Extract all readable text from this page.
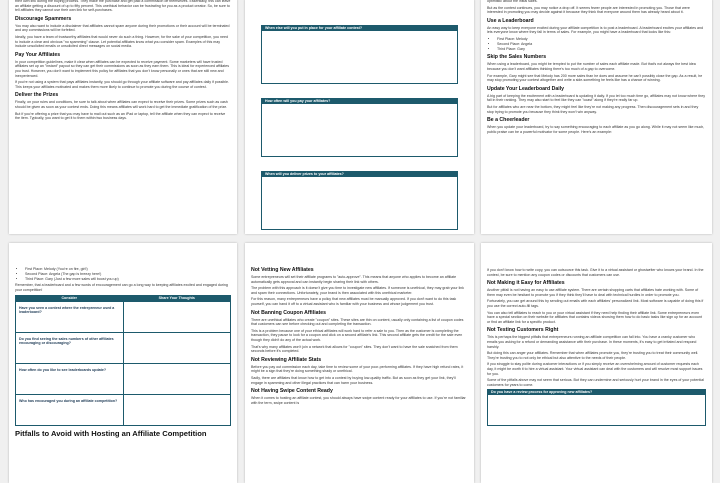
their own link during the buying process. They make the purchase and get paid a commission off themselves. Essentially, this can leave an affiliate getting a discount of up to fifty percent. This unethical behavior can be frustrating for you as a product creator. So, be sure to tell affiliates they cannot use their own link for self-purchases.

Discourage Spammers

You may also want to include a disclaimer that affiliates cannot spam anyone during their promotions or their account will be terminated and any commissions will be forfeited.

Ideally, you have a team of trustworthy affiliates that would never do such a thing. However, for the sake of your competition, you need to include a clear and obvious "no spamming" clause. Let potential affiliates know what you consider spam. Examples of this may include unsolicited emails or unsolicited direct messages on social media.

Pay Your Affiliates

In your competition guidelines, make it clear when affiliates can be expected to receive payment. Some marketers will have trusted affiliates set up an "instant" payout so they can get their commissions as soon as they earn them. This is ideal for experienced affiliates you trust. However, you don't want to implement this policy for affiliates that you don't know personally or ones that are still new and inexperienced.

If you're not using a system that pays affiliates instantly, you should go through your affiliate software and pay affiliates daily if possible. This keeps your affiliates motivated and makes them more likely to continue to promote you during the course of contest.

Deliver the Prizes

Finally, on your rules and conditions, be sure to talk about when affiliates can expect to receive their prizes. Some prizes such as cash should be given as soon as your contest ends. Doing this means affiliates will work hard to get the immediate gratification of the prize.

But if you're offering a prize that you may have to mail out such as an iPad or laptop, tell the affiliate when they can expect to receive the item. Typically, you want to get it to them within two business days.

When else will you put in place for your affiliate contest?
How often will you pay your affiliates?
When will you deliver prizes to your affiliates?

optimistic about the initial sales.

But as the contest continues, you may notice a drop off. It seems fewer people are interested in promoting you. Those that were interested in promoting you may decide against it because they think that everyone around them has already heard about it.

Use a Leaderboard

An easy way to keep everyone excited during your affiliate competition is to post a leaderboard. A leaderboard excites your affiliates and lets everyone know where they fall in terms of sales. For example, you might have a leaderboard that looks like this:

• First Place: Melody
• Second Place: Angela
• Third Place: Gary

Skip the Sales Numbers

When using a leaderboard, you might be tempted to put the number of sales each affiliate made. But that's not always the best idea because you don't want affiliates thinking there's too much of a gap to overcome.

For example, Gary might see that Melody has 200 more sales than he does and assume he can't possibly close the gap. As a result, he may stop promoting your contest altogether and write a side-something he feels like has a chance of winning.

Update Your Leaderboard Daily

A big part of keeping the excitement with a leaderboard is updating it daily. If you let too much time go, affiliates may not know where they fall in their ranking. They may also start to feel like they can "coast" along if they're really far up.

But for affiliates who are near the bottom, they might feel like they're not making any progress. Then discouragement sets in and they stop trying to promote you because they think they won't win anyway.

Be a Cheerleader

When you update your leaderboard, try to say something encouraging to each affiliate as you go along. While it may not seem like much, public praise can be a powerful motivator for some people. Here's an example:

• First Place: Melody (You're on fire, girl!)
• Second Place: Angela (The gap is breezy here!)
• Third Place: Gary (Just a few more sales will boost you up)

Remember, that a leaderboard and a few words of encouragement can go a long way to keeping affiliates excited and engaged during your competition!

Consider	Share Your Thoughts
Have you seen a contest where the entrepreneur used a leaderboard?	
Do you find seeing the sales numbers of other affiliates encouraging or discouraging?	
How often do you like to see leaderboards update?	
Who has encouraged you during an affiliate competition?	

Pitfalls to Avoid with Hosting an Affiliate Competition

Not Vetting New Affiliates

Some entrepreneurs will set their affiliate programs to "auto-approve". This means that anyone who applies to become an affiliate automatically gets approval and can instantly begin sharing their link with others.

The problem with this approach is it doesn't give you time to investigate new affiliates. If someone is unethical, they may grab your link and spam their connections. Unfortunately, your brand is then associated with this unethical marketer.

For this reason, many entrepreneurs have a policy that new affiliates must be manually approved. If you don't want to do this task yourself, you can hand it off to a virtual assistant who is familiar with your business and whose judgement you trust.

Not Banning Coupon Affiliates

There are unethical affiliates who create "coupon" sites. These sites are thin on content, usually only containing a list of coupon codes that customers can see before checking out and completing the transaction.

This is a problem because one of your ethical affiliates will work hard to refer a sale to you. Then as the customer is completing the transaction, they pause to look for a coupon and click on a second affiliate's link. This second affiliate gets the credit for the sale even though they didn't do any of the actual work.

That's why many affiliates won't join a network that allows for "coupon" sites. They don't want to have the sale snatched from them seconds before it's completed.

Not Reviewing Affiliate Stats

Before you pay out commission each day, take time to review some of your poor-performing affiliates. If they have high refund rates, it might be a sign that they're doing something shady or unethical.

Sadly, there are affiliates that know how to get into a contest by buying low-quality traffic. But as soon as they get your link, they'll engage in spamming and other illegal practices that can harm your business.

Not Having Swipe Content Ready

When it comes to hosting an affiliate contest, you should always have swipe content ready for your affiliates to use. If you're not familiar with the term, swipe content is

If you don't know how to write copy, you can outsource this task. Give it to a virtual assistant or ghostwriter who knows your brand. In the contest, be sure to mention any coupon codes or discounts that customers can use.

Not Making it Easy for Affiliates

Another pitfall is not having an easy to use affiliate system. There are certain shopping carts that affiliates hate working with. Some of them may even be hesitant to promote you if they think they'll have to deal with technical hurdles in order to promote you.

Fortunately, you can get around this by sending out emails with each affiliates' personalized link. Most software is capable of doing this if you use the correct auto-fill tags.

You can also tell affiliates to reach to you or your virtual assistant if they need help finding their affiliate link. Some entrepreneurs even have a special section on their website for affiliates that contains videos showing them how to do basic tasks like sign up for an account or find an affiliate link for a specific product.

Not Testing Customers Right

This is perhaps the biggest pitfalls that entrepreneurs running an affiliate competition can fall into. You have a cranky customer who emails you asking for a refund or demanding assistance with their purchase. In these moments, it's easy to get irritated and respond harshly.

But doing this can anger your affiliates. Remember that when affiliates promote you, they're trusting you to treat their community well. They're trusting you to not only be ethical but also attentive to the needs of their people.

If you struggle to stay polite during customer interactions or if you simply receive an overwhelming amount of customer requests each day, it might be worth it to hire a virtual assistant. Your virtual assistant can deal with the customers and will resolve most support issues for you.

Some of the pitfalls above may not seem that serious. But they can undermine and seriously hurt your brand in the eyes of your potential customers for years to come.

Do you have a review process for approving new affiliates?
